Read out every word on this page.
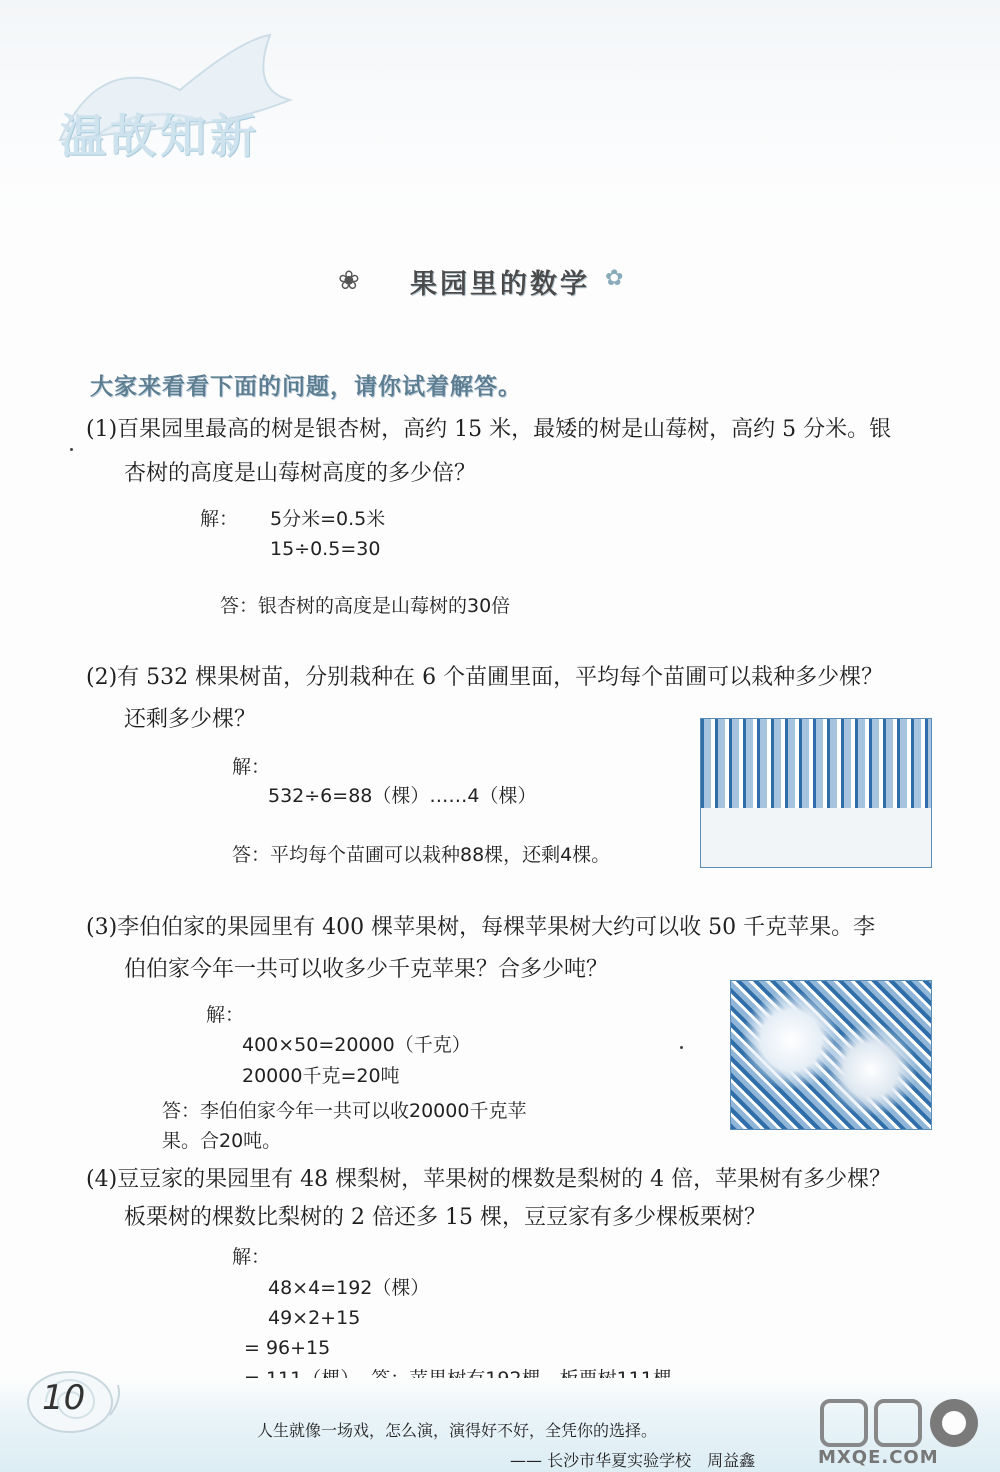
温故知新
❀	果园里的数学 ✿
大家来看看下面的问题，请你试着解答。
(1)百果园里最高的树是银杏树，高约 15 米，最矮的树是山莓树，高约 5 分米。银
杏树的高度是山莓树高度的多少倍？
解： 5分米=0.5米
15÷0.5=30
答：银杏树的高度是山莓树的30倍
(2)有 532 棵果树苗，分别栽种在 6 个苗圃里面，平均每个苗圃可以栽种多少棵？
还剩多少棵？
解：
532÷6=88（棵）……4（棵）
答：平均每个苗圃可以栽种88棵，还剩4棵。
(3)李伯伯家的果园里有 400 棵苹果树，每棵苹果树大约可以收 50 千克苹果。李
伯伯家今年一共可以收多少千克苹果？合多少吨？
解：
400×50=20000（千克）
20000千克=20吨
答：李伯伯家今年一共可以收20000千克苹
果。合20吨。
(4)豆豆家的果园里有 48 棵梨树，苹果树的棵数是梨树的 4 倍，苹果树有多少棵？
板栗树的棵数比梨树的 2 倍还多 15 棵，豆豆家有多少棵板栗树？
解：
48×4=192（棵）
49×2+15
= 96+15
10
人生就像一场戏，怎么演，演得好不好，全凭你的选择。
—— 长沙市华夏实验学校　周益鑫	MXQE.COM
